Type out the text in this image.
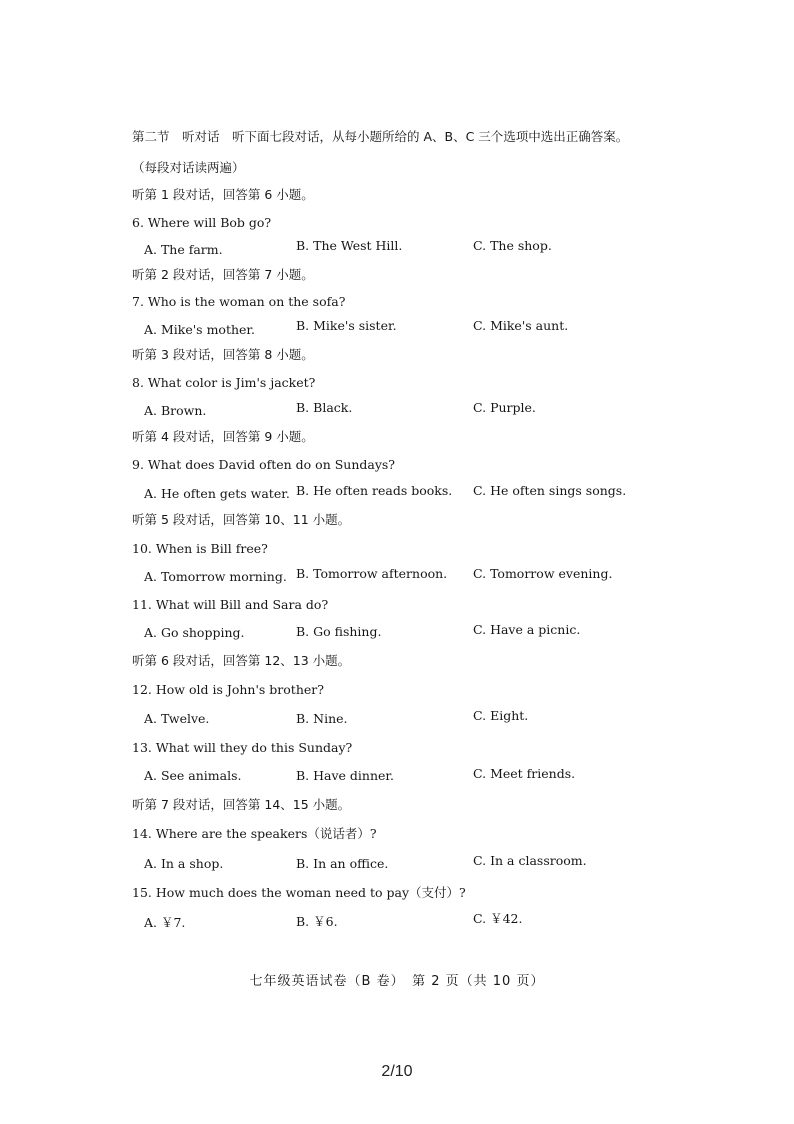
第二节　听对话　听下面七段对话，从每小题所给的 A、B、C 三个选项中选出正确答案。
（每段对话读两遍）
听第 1 段对话，回答第 6 小题。
6. Where will Bob go?
A. The farm.	B. The West Hill.	C. The shop.
听第 2 段对话，回答第 7 小题。
7. Who is the woman on the sofa?
A. Mike's mother.	B. Mike's sister.	C. Mike's aunt.
听第 3 段对话，回答第 8 小题。
8. What color is Jim's jacket?
A. Brown.	B. Black.	C. Purple.
听第 4 段对话，回答第 9 小题。
9. What does David often do on Sundays?
A. He often gets water. B. He often reads books. C. He often sings songs.
听第 5 段对话，回答第 10、11 小题。
10. When is Bill free?
A. Tomorrow morning. B. Tomorrow afternoon. C. Tomorrow evening.
11. What will Bill and Sara do?
A. Go shopping.	B. Go fishing.	C. Have a picnic.
听第 6 段对话，回答第 12、13 小题。
12. How old is John's brother?
A. Twelve.	B. Nine.	C. Eight.
13. What will they do this Sunday?
A. See animals.	B. Have dinner.	C. Meet friends.
听第 7 段对话，回答第 14、15 小题。
14. Where are the speakers（说话者）?
A. In a shop.	B. In an office.	C. In a classroom.
15. How much does the woman need to pay（支付）?
A. ￥7.	B. ￥6.	C. ￥42.
七年级英语试卷（B 卷）　第 2 页（共 10 页）
2/10
